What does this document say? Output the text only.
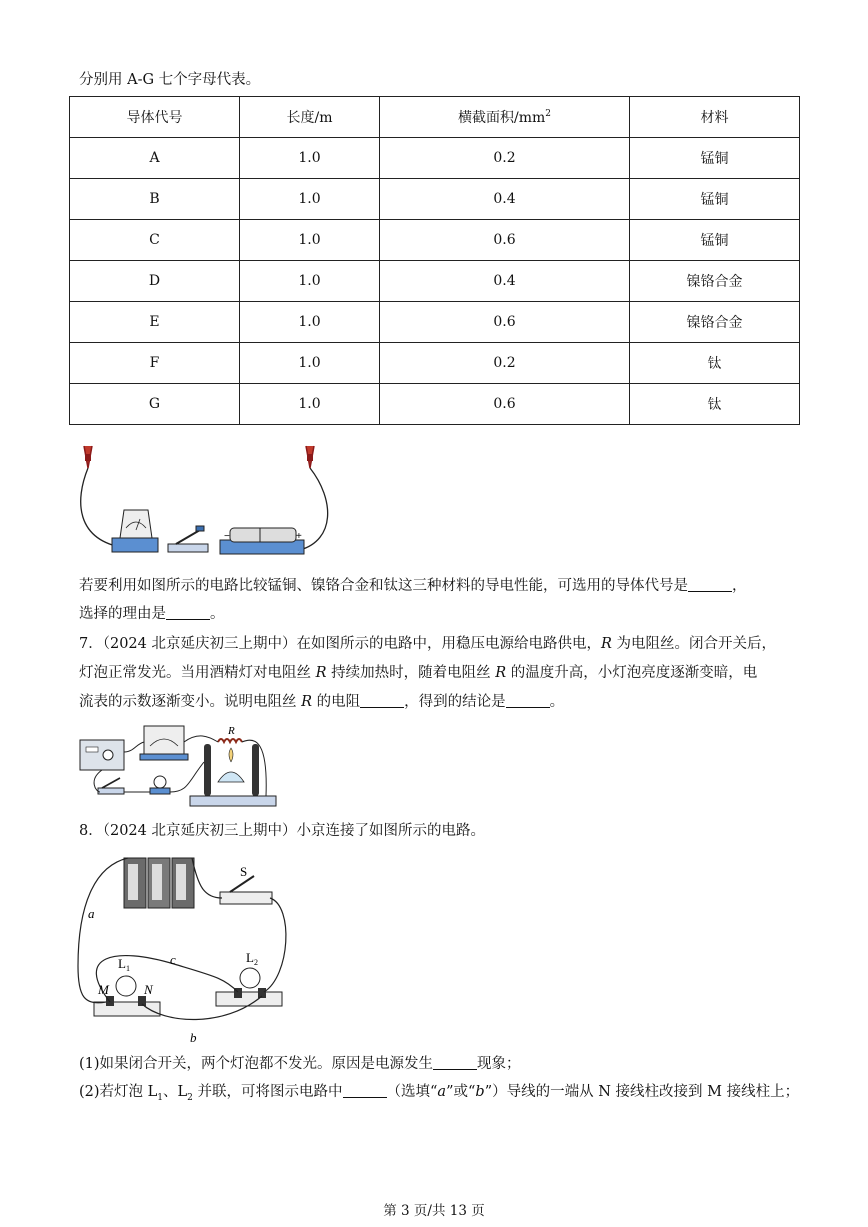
分别用 A-G 七个字母代表。
导体代号	长度/m	横截面积$/mm^2$	材料
A	1.0	0.2	锰铜
B	1.0	0.4	锰铜
C	1.0	0.6	锰铜
D	1.0	0.4	镍铬合金
E	1.0	0.6	镍铬合金
F	1.0	0.2	钛
G	1.0	0.6	钛
−	+
若要利用如图所示的电路比较锰铜、镍铬合金和钛这三种材料的导电性能，可选用的导体代号是	，
选择的理由是	。
7．（2024 北京延庆初三上期中）在如图所示的电路中，用稳压电源给电路供电，R 为电阻丝。闭合开关后，
灯泡正常发光。当用酒精灯对电阻丝 R 持续加热时，随着电阻丝 R 的温度升高，小灯泡亮度逐渐变暗，电
流表的示数逐渐变小。说明电阻丝 R 的电阻	，得到的结论是	。
R
8．（2024 北京延庆初三上期中）小京连接了如图所示的电路。
S
$L_1$
M	N
$L_2$
a
c
b
(1)如果闭合开关，两个灯泡都不发光。原因是电源发生	现象；
(2)若灯泡 $L_1$、$L_2$ 并联，可将图示电路中	（选填“a”或“b”）导线的一端从 N 接线柱改接到 M 接线柱上；
第 3 页/共 13 页
